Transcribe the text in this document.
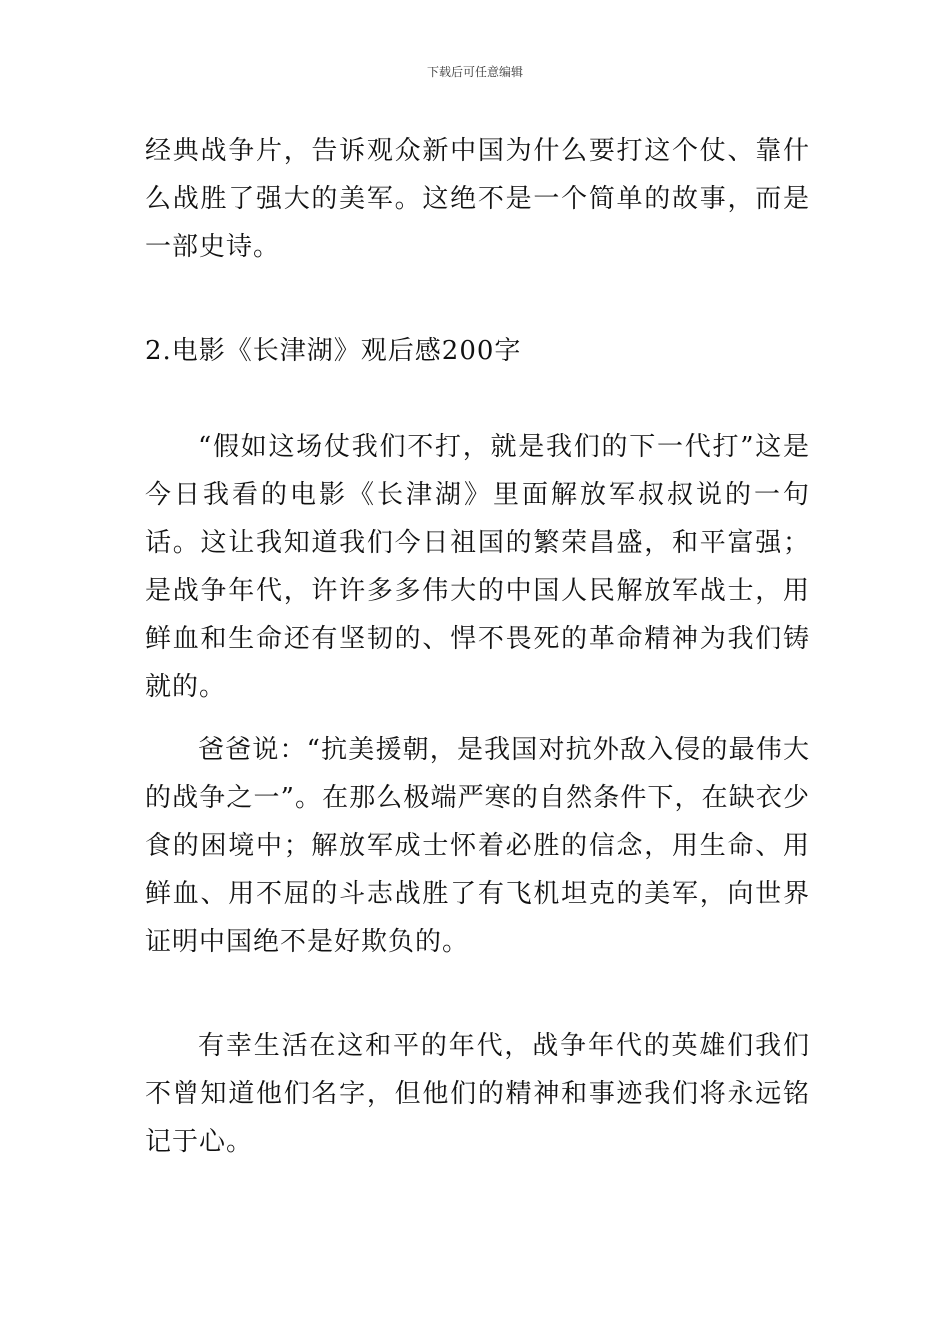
下载后可任意编辑

经典战争片，告诉观众新中国为什么要打这个仗、靠什么战胜了强大的美军。这绝不是一个简单的故事，而是一部史诗。

2.电影《长津湖》观后感200字

“假如这场仗我们不打，就是我们的下一代打”这是今日我看的电影《长津湖》里面解放军叔叔说的一句话。这让我知道我们今日祖国的繁荣昌盛，和平富强；是战争年代，许许多多伟大的中国人民解放军战士，用鲜血和生命还有坚韧的、悍不畏死的革命精神为我们铸就的。

爸爸说：“抗美援朝，是我国对抗外敌入侵的最伟大的战争之一”。在那么极端严寒的自然条件下，在缺衣少食的困境中；解放军成士怀着必胜的信念，用生命、用鲜血、用不屈的斗志战胜了有飞机坦克的美军，向世界证明中国绝不是好欺负的。

有幸生活在这和平的年代，战争年代的英雄们我们不曾知道他们名字，但他们的精神和事迹我们将永远铭记于心。
